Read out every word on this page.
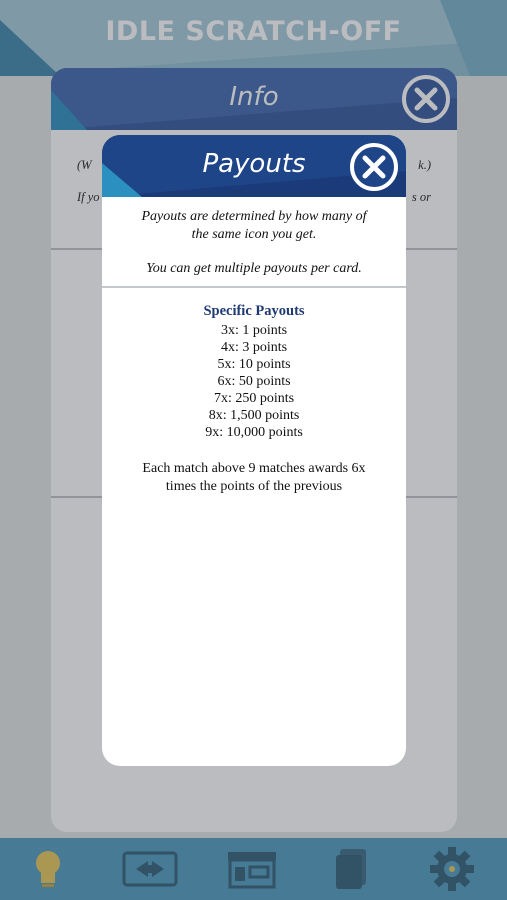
IDLE SCRATCH-OFF
Info
(W	k.)
If yo	s or
Payouts
Payouts are determined by how many of
the same icon you get.
You can get multiple payouts per card.
Specific Payouts
3x: 1 points
4x: 3 points
5x: 10 points
6x: 50 points
7x: 250 points
8x: 1,500 points
9x: 10,000 points
Each match above 9 matches awards 6x
times the points of the previous
